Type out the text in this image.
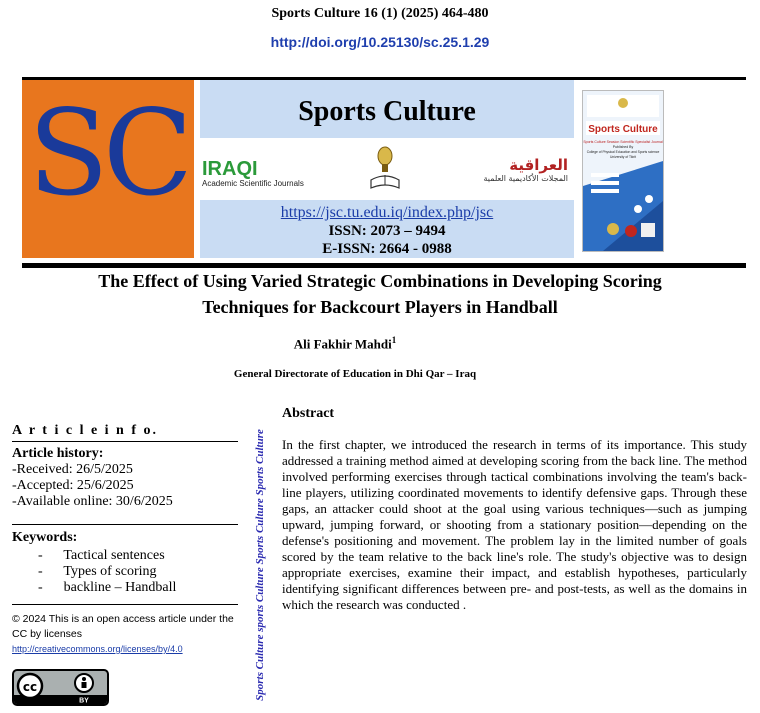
Sports Culture 16 (1) (2025) 464-480
http://doi.org/10.25130/sc.25.1.29
SC	Sports Culture
IRAQI
Academic Scientific Journals
العراقية
المجلات الأكاديمية العلمية
https://jsc.tu.edu.iq/index.php/jsc
ISSN: 2073 – 9494
E-ISSN: 2664 - 0988
Sports Culture
Sports Culture Seasion Scientific Specialist Journal
Published By
College of Physical Education and Sports science
University of Tikrit
The Effect of Using Varied Strategic Combinations in Developing Scoring
Techniques for Backcourt Players in Handball
Ali Fakhir Mahdi$^1$
General Directorate of Education in Dhi Qar – Iraq
A r t i c l e i n f o.
Article history:
-Received: 26/5/2025
-Accepted: 25/6/2025
-Available online: 30/6/2025
Keywords:
-      Tactical sentences
-      Types of scoring
-      backline – Handball
© 2024 This is an open access article under the CC by licenses
http://creativecommons.org/licenses/by/4.0
cc
BY
Sports Culture sports Culture Sports Culture Sports Culture
Abstract
In the first chapter, we introduced the research in terms of its importance. This study addressed a training method aimed at developing scoring from the back line. The method involved performing exercises through tactical combinations involving the team's back-line players, utilizing coordinated movements to identify defensive gaps. Through these gaps, an attacker could shoot at the goal using various techniques—such as jumping upward, jumping forward, or shooting from a stationary position—depending on the defense's positioning and movement. The problem lay in the limited number of goals scored by the team relative to the back line's role. The study's objective was to design appropriate exercises, examine their impact, and establish hypotheses, particularly identifying significant differences between pre- and post-tests, as well as the domains in which the research was conducted .
